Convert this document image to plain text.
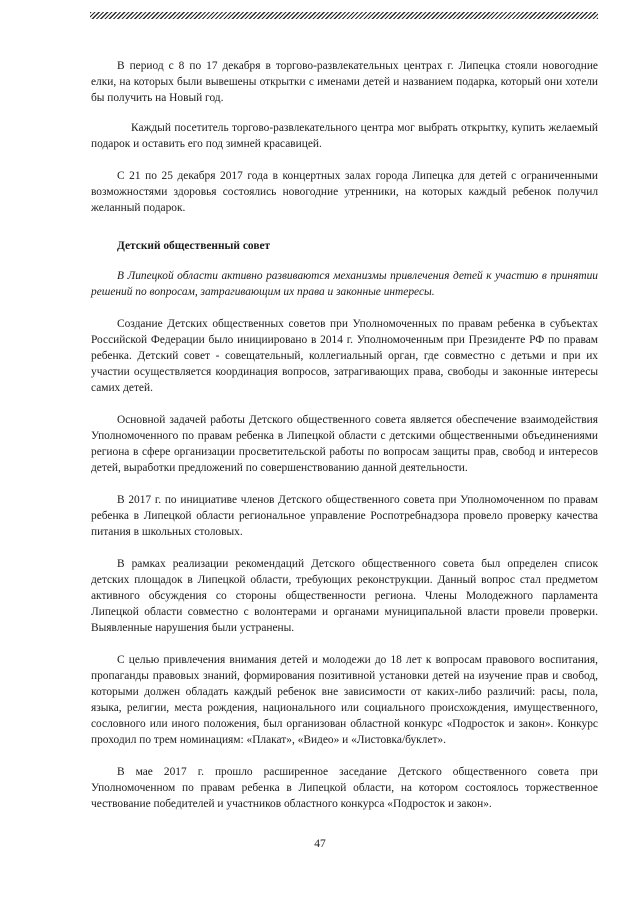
В период с 8 по 17 декабря в торгово-развлекательных центрах г. Липецка стояли новогодние елки, на которых были вывешены открытки с именами детей и названием подарка, который они хотели бы получить на Новый год.

Каждый посетитель торгово-развлекательного центра мог выбрать открытку, купить желаемый подарок и оставить его под зимней красавицей.

С 21 по 25 декабря 2017 года в концертных залах города Липецка для детей с ограниченными возможностями здоровья состоялись новогодние утренники, на которых каждый ребенок получил желанный подарок.

Детский общественный совет

В Липецкой области активно развиваются механизмы привлечения детей к участию в принятии решений по вопросам, затрагивающим их права и законные интересы.

Создание Детских общественных советов при Уполномоченных по правам ребенка в субъектах Российской Федерации было инициировано в 2014 г. Уполномоченным при Президенте РФ по правам ребенка. Детский совет - совещательный, коллегиальный орган, где совместно с детьми и при их участии осуществляется координация вопросов, затрагивающих права, свободы и законные интересы самих детей.

Основной задачей работы Детского общественного совета является обеспечение взаимодействия Уполномоченного по правам ребенка в Липецкой области с детскими общественными объединениями региона в сфере организации просветительской работы по вопросам защиты прав, свобод и интересов детей, выработки предложений по совершенствованию данной деятельности.

В 2017 г. по инициативе членов Детского общественного совета при Уполномоченном по правам ребенка в Липецкой области региональное управление Роспотребнадзора провело проверку качества питания в школьных столовых.

В рамках реализации рекомендаций Детского общественного совета был определен список детских площадок в Липецкой области, требующих реконструкции. Данный вопрос стал предметом активного обсуждения со стороны общественности региона. Члены Молодежного парламента Липецкой области совместно с волонтерами и органами муниципальной власти провели проверки. Выявленные нарушения были устранены.

С целью привлечения внимания детей и молодежи до 18 лет к вопросам правового воспитания, пропаганды правовых знаний, формирования позитивной установки детей на изучение прав и свобод, которыми должен обладать каждый ребенок вне зависимости от каких-либо различий: расы, пола, языка, религии, места рождения, национального или социального происхождения, имущественного, сословного или иного положения, был организован областной конкурс «Подросток и закон». Конкурс проходил по трем номинациям: «Плакат», «Видео» и «Листовка/буклет».

В мае 2017 г. прошло расширенное заседание Детского общественного совета при Уполномоченном по правам ребенка в Липецкой области, на котором состоялось торжественное чествование победителей и участников областного конкурса «Подросток и закон».

47
